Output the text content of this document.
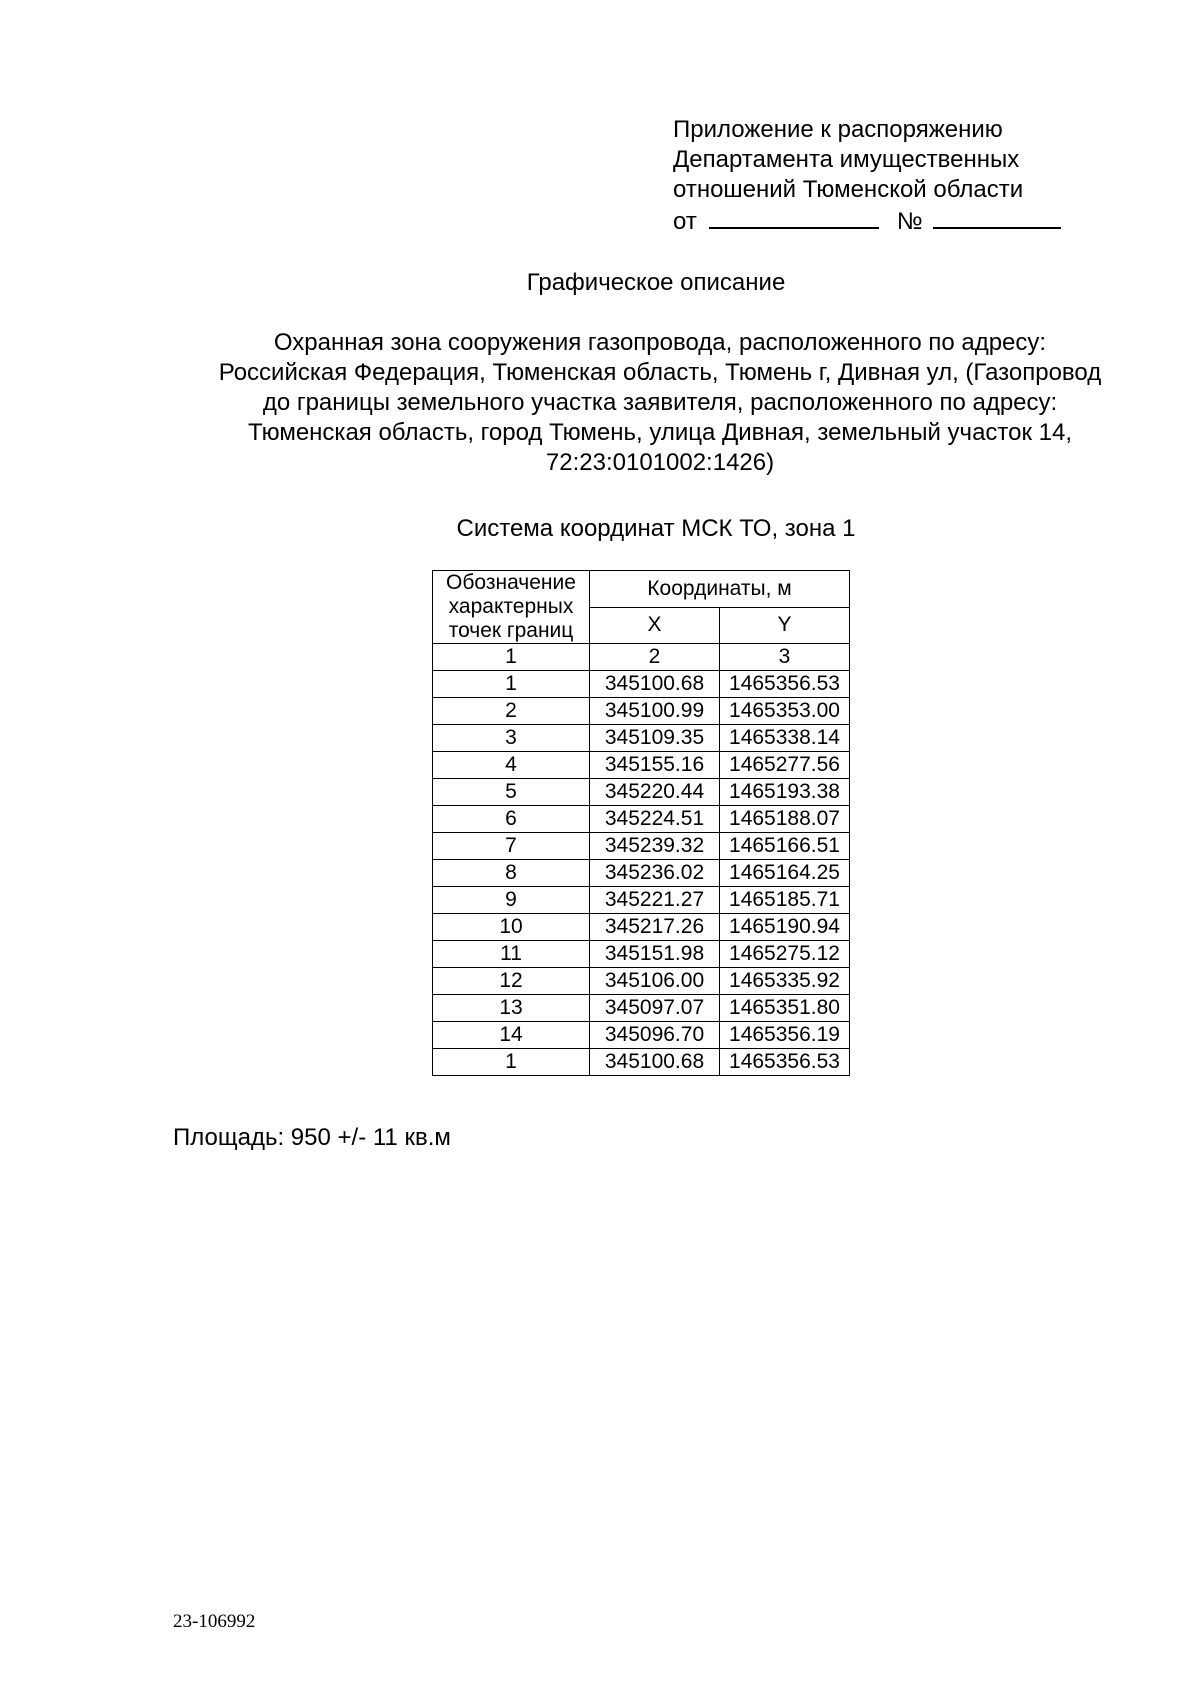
Приложение к распоряжению
Департамента имущественных
отношений Тюменской области
от	№
Графическое описание
Охранная зона сооружения газопровода, расположенного по адресу:
Российская Федерация, Тюменская область, Тюмень г, Дивная ул, (Газопровод
до границы земельного участка заявителя, расположенного по адресу:
Тюменская область, город Тюмень, улица Дивная, земельный участок 14,
72:23:0101002:1426)
Система координат МСК ТО, зона 1
Обозначение характерных точек границ	Координаты, м	
	X	Y
1	2	3
1	345100.68	1465356.53
2	345100.99	1465353.00
3	345109.35	1465338.14
4	345155.16	1465277.56
5	345220.44	1465193.38
6	345224.51	1465188.07
7	345239.32	1465166.51
8	345236.02	1465164.25
9	345221.27	1465185.71
10	345217.26	1465190.94
11	345151.98	1465275.12
12	345106.00	1465335.92
13	345097.07	1465351.80
14	345096.70	1465356.19
1	345100.68	1465356.53
Площадь: 950 +/- 11 кв.м
23-106992
